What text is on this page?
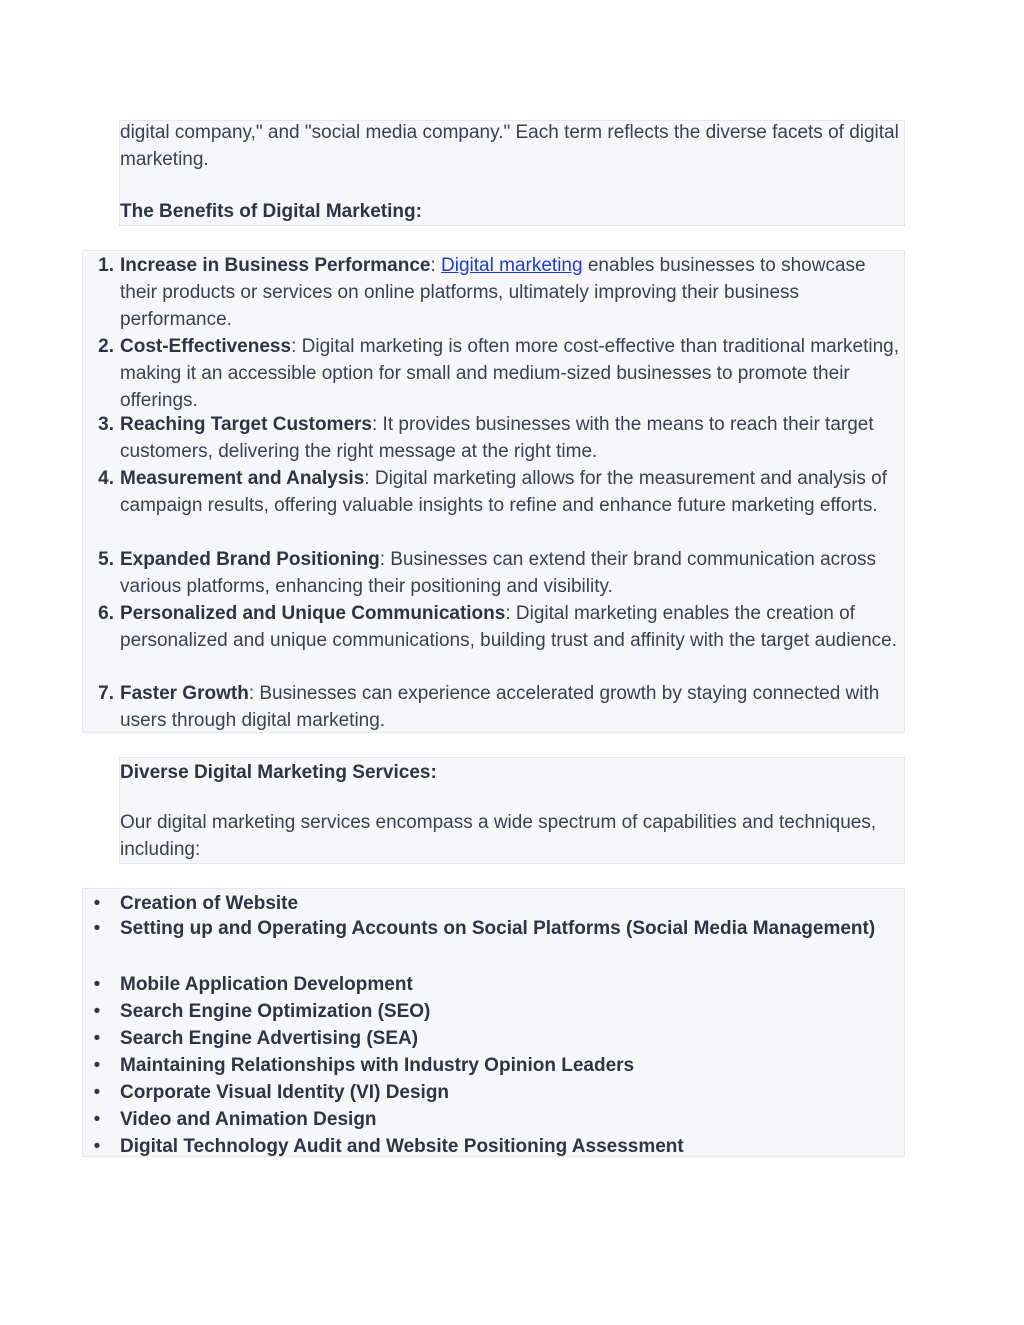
digital company," and "social media company." Each term reflects the diverse facets of digital marketing.
The Benefits of Digital Marketing:
1. Increase in Business Performance: Digital marketing enables businesses to showcase their products or services on online platforms, ultimately improving their business performance.
2. Cost-Effectiveness: Digital marketing is often more cost-effective than traditional marketing, making it an accessible option for small and medium-sized businesses to promote their offerings.
3. Reaching Target Customers: It provides businesses with the means to reach their target customers, delivering the right message at the right time.
4. Measurement and Analysis: Digital marketing allows for the measurement and analysis of campaign results, offering valuable insights to refine and enhance future marketing efforts.
5. Expanded Brand Positioning: Businesses can extend their brand communication across various platforms, enhancing their positioning and visibility.
6. Personalized and Unique Communications: Digital marketing enables the creation of personalized and unique communications, building trust and affinity with the target audience.
7. Faster Growth: Businesses can experience accelerated growth by staying connected with users through digital marketing.
Diverse Digital Marketing Services:
Our digital marketing services encompass a wide spectrum of capabilities and techniques, including:
• Creation of Website
• Setting up and Operating Accounts on Social Platforms (Social Media Management)
• Mobile Application Development
• Search Engine Optimization (SEO)
• Search Engine Advertising (SEA)
• Maintaining Relationships with Industry Opinion Leaders
• Corporate Visual Identity (VI) Design
• Video and Animation Design
• Digital Technology Audit and Website Positioning Assessment
